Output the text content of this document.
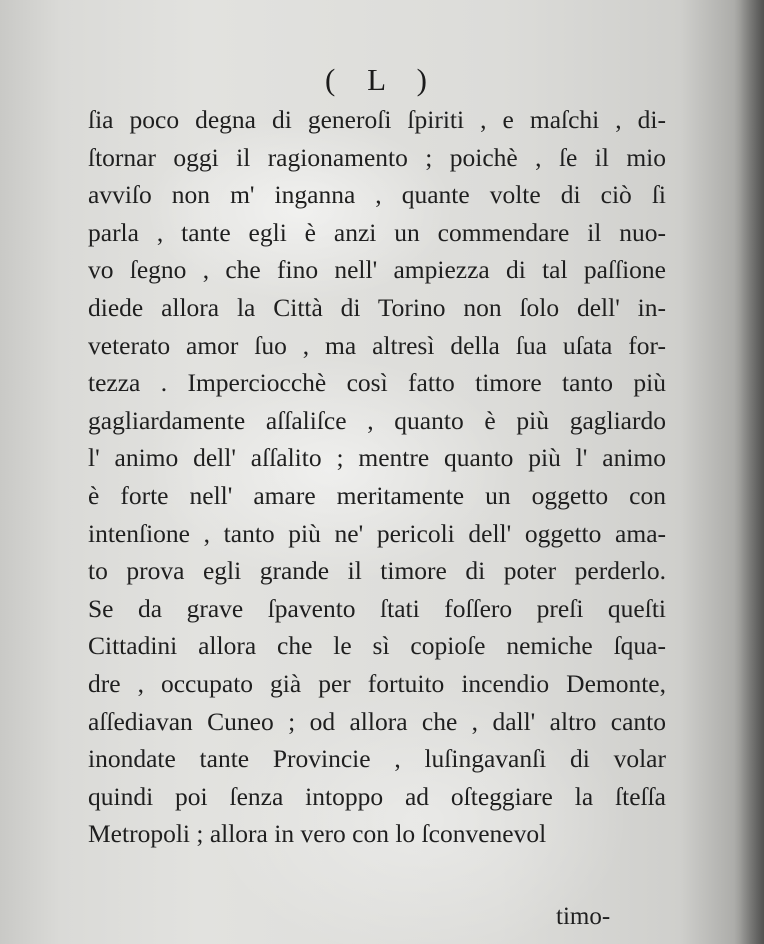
( L )
ſia poco degna di generoſi ſpiriti , e maſchi , di-
ſtornar oggi il ragionamento ; poichè , ſe il mio
avviſo non m' inganna , quante volte di ciò ſi
parla , tante egli è anzi un commendare il nuo-
vo ſegno , che fino nell' ampiezza di tal paſſione
diede allora la Città di Torino non ſolo dell' in-
veterato amor ſuo , ma altresì della ſua uſata for-
tezza . Imperciocchè così fatto timore tanto più
gagliardamente aſſaliſce , quanto è più gagliardo
l' animo dell' aſſalito ; mentre quanto più l' animo
è forte nell' amare meritamente un oggetto con
intenſione , tanto più ne' pericoli dell' oggetto ama-
to prova egli grande il timore di poter perderlo.
Se da grave ſpavento ſtati foſſero preſi queſti
Cittadini allora che le sì copioſe nemiche ſqua-
dre , occupato già per fortuito incendio Demonte,
aſſediavan Cuneo ; od allora che , dall' altro canto
inondate tante Provincie , luſingavanſi di volar
quindi poi ſenza intoppo ad oſteggiare la ſteſſa
Metropoli ; allora in vero con lo ſconvenevol
timo-
